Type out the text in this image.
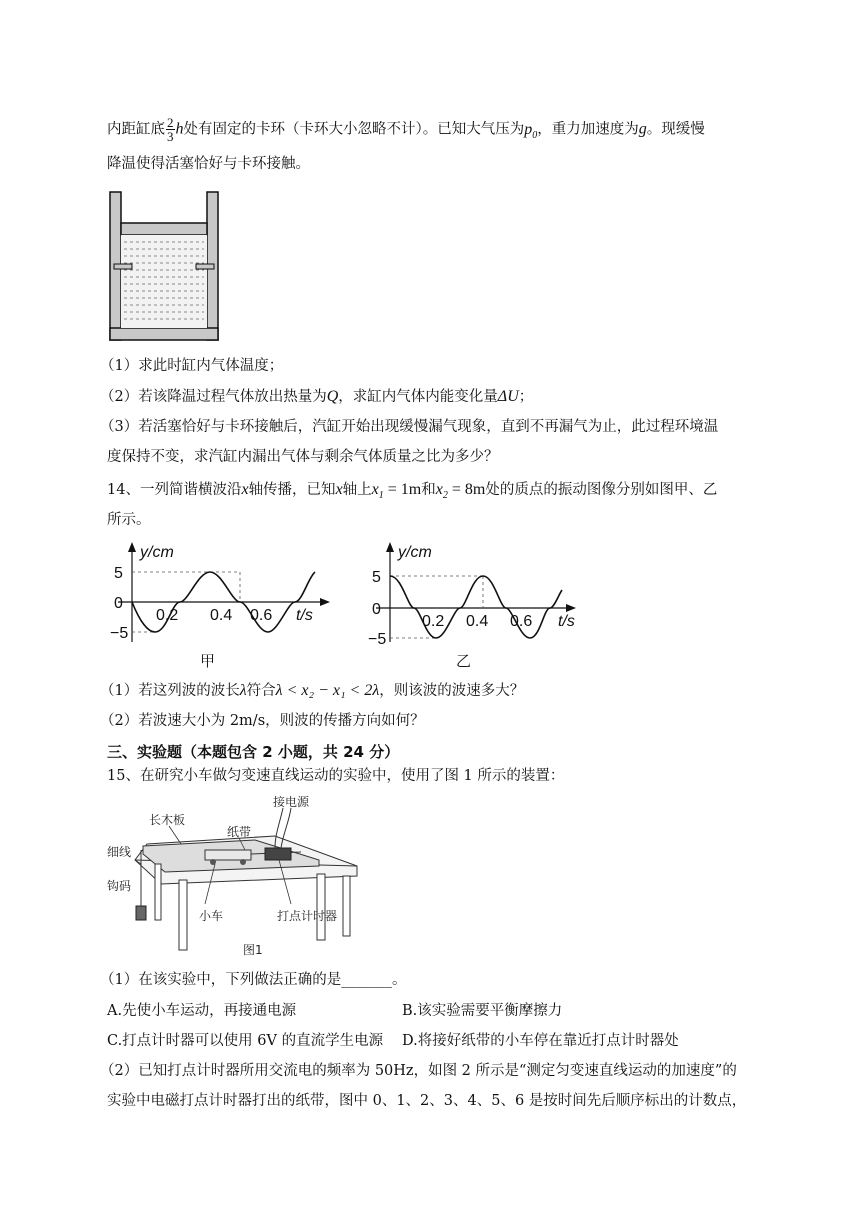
内距缸底 $\frac{2}{3}$ h处有固定的卡环（卡环大小忽略不计）。已知大气压为$p_0$，重力加速度为g。现缓慢
降温使得活塞恰好与卡环接触。
（1）求此时缸内气体温度；
（2）若该降温过程气体放出热量为Q，求缸内气体内能变化量ΔU；
（3）若活塞恰好与卡环接触后，汽缸开始出现缓慢漏气现象，直到不再漏气为止，此过程环境温
度保持不变，求汽缸内漏出气体与剩余气体质量之比为多少？
14、一列简谐横波沿x轴传播，已知x轴上$x_1 = 1m$和$x_2 = 8m$处的质点的振动图像分别如图甲、乙
所示。
y/cm
5
0
−5
0.2 0.4 0.6 t/s
甲
y/cm
5
0
−5
0.2 0.4 0.6 t/s
乙
（1）若这列波的波长λ符合λ < x₂ − x₁ < 2λ，则该波的波速多大？
（2）若波速大小为 2m/s，则波的传播方向如何？
三、实验题（本题包含 2 小题，共 24 分）
15、在研究小车做匀变速直线运动的实验中，使用了图 1 所示的装置：
接电源
长木板
纸带
细线
钩码
小车	打点计时器
图1
（1）在该实验中，下列做法正确的是_______。
A.先使小车运动，再接通电源	B.该实验需要平衡摩擦力
C.打点计时器可以使用 6V 的直流学生电源 D.将接好纸带的小车停在靠近打点计时器处
（2）已知打点计时器所用交流电的频率为 50Hz，如图 2 所示是“测定匀变速直线运动的加速度”的
实验中电磁打点计时器打出的纸带，图中 0、1、2、3、4、5、6 是按时间先后顺序标出的计数点，
